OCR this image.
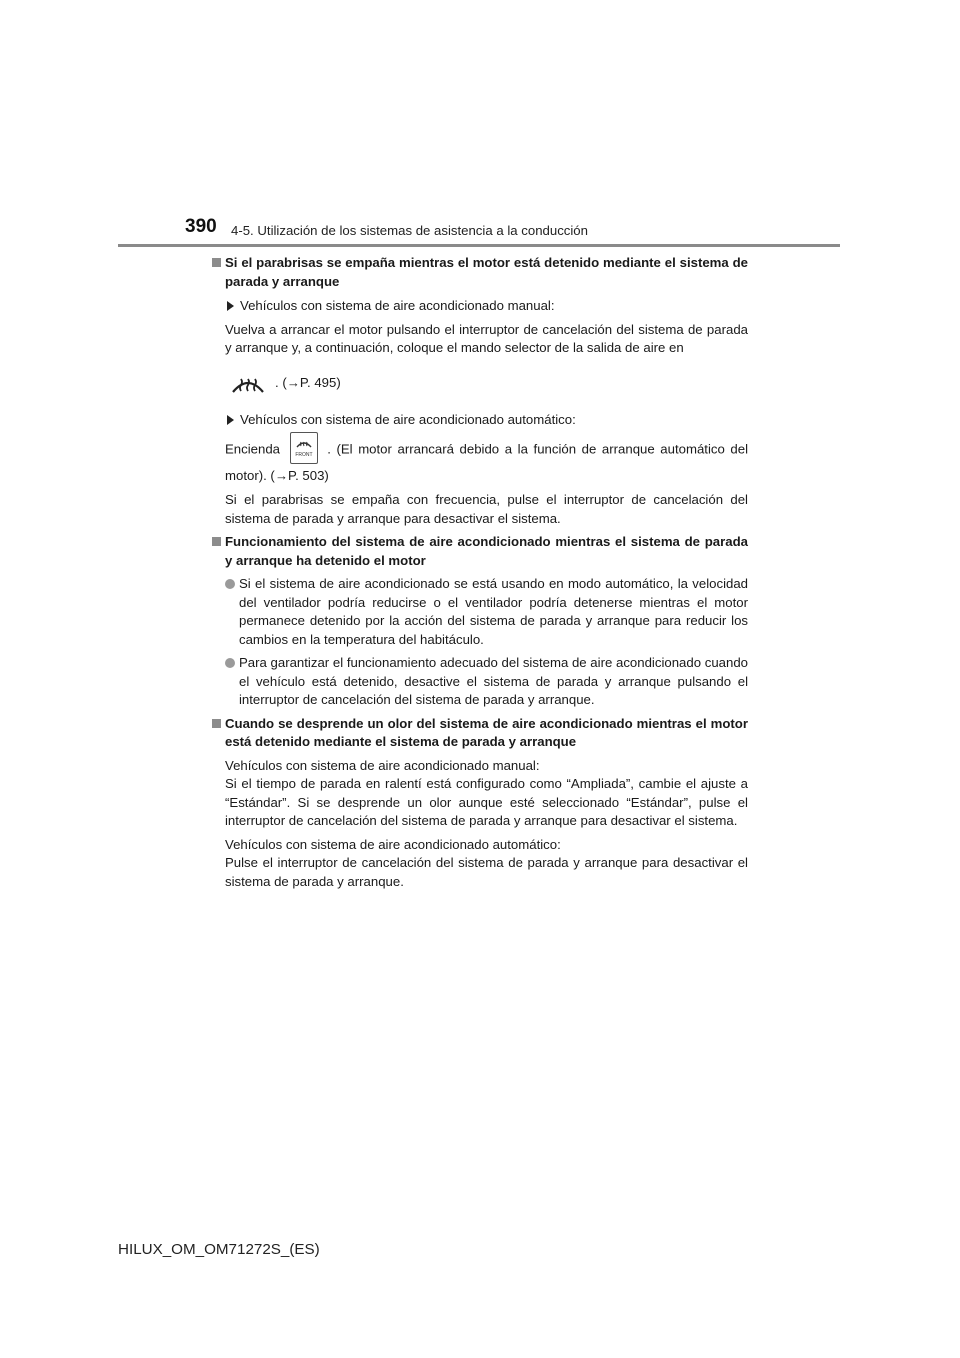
390 4-5. Utilización de los sistemas de asistencia a la conducción
Si el parabrisas se empaña mientras el motor está detenido mediante el sistema de parada y arranque
Vehículos con sistema de aire acondicionado manual:
Vuelva a arrancar el motor pulsando el interruptor de cancelación del sistema de parada y arranque y, a continuación, coloque el mando selector de la salida de aire en
. (→P. 495)
Vehículos con sistema de aire acondicionado automático:
Encienda	FRONT . (El motor arrancará debido a la función de arranque automático del motor). (→P. 503)
Si el parabrisas se empaña con frecuencia, pulse el interruptor de cancelación del sistema de parada y arranque para desactivar el sistema.
Funcionamiento del sistema de aire acondicionado mientras el sistema de parada y arranque ha detenido el motor
Si el sistema de aire acondicionado se está usando en modo automático, la velocidad del ventilador podría reducirse o el ventilador podría detenerse mientras el motor permanece detenido por la acción del sistema de parada y arranque para reducir los cambios en la temperatura del habitáculo.
Para garantizar el funcionamiento adecuado del sistema de aire acondicionado cuando el vehículo está detenido, desactive el sistema de parada y arranque pulsando el interruptor de cancelación del sistema de parada y arranque.
Cuando se desprende un olor del sistema de aire acondicionado mientras el motor está detenido mediante el sistema de parada y arranque
Vehículos con sistema de aire acondicionado manual:
Si el tiempo de parada en ralentí está configurado como “Ampliada”, cambie el ajuste a “Estándar”. Si se desprende un olor aunque esté seleccionado “Estándar”, pulse el interruptor de cancelación del sistema de parada y arranque para desactivar el sistema.
Vehículos con sistema de aire acondicionado automático:
Pulse el interruptor de cancelación del sistema de parada y arranque para desactivar el sistema de parada y arranque.
HILUX_OM_OM71272S_(ES)
